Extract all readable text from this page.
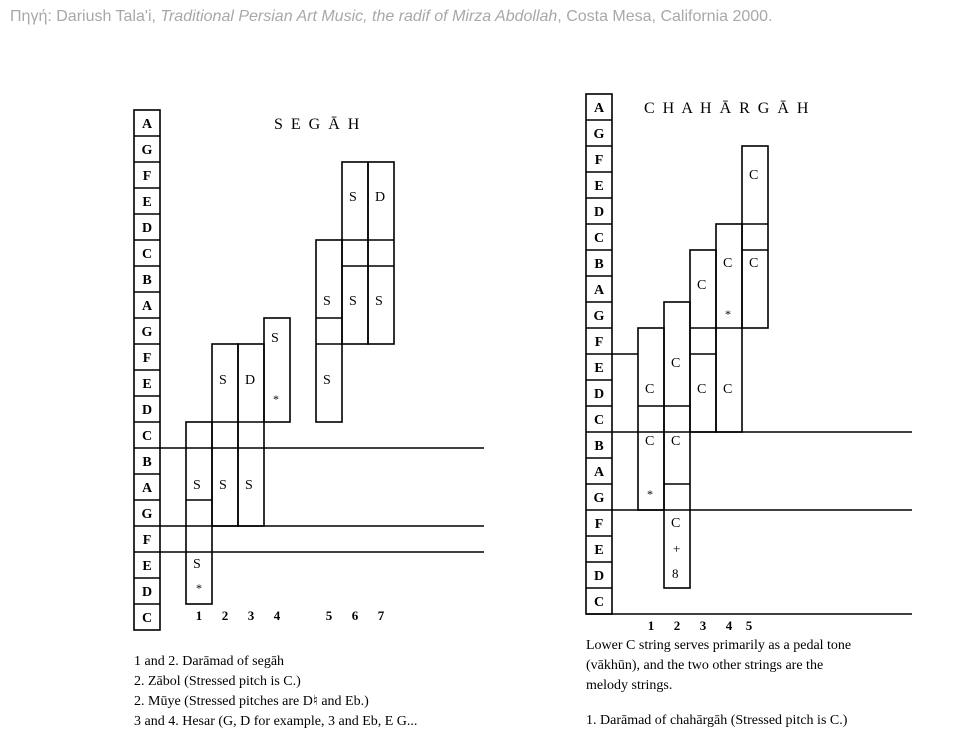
Πηγή: Dariush Tala'i, Traditional Persian Art Music, the radif of Mirza Abdollah, Costa Mesa, California 2000.
A
G
F
E
D
C
B
A
G
F
E
D
C
B
A
G
F
E
D
C
S E G Ā H
S
*
S S
S
S
D
S
*
S
S S
S
S
D
1 2 3 4	5 6 7
A
G
F
E
D
C
B
A
G
F
E
D
C
B
A
G
F
E
D
C
C H A H Ā R G Ā H
C
C
*
C
C
C
+
8
C
C
C
*
C
C
C
1 2 3 4 5
1 and 2. Darāmad of segāh
2. Zābol (Stressed pitch is C.)
2. Mūye (Stressed pitches are D♮ and Eb.)
3 and 4. Hesar (G, D for example, 3 and Eb, E G...
Lower C string serves primarily as a pedal tone
(vākhūn), and the two other strings are the
melody strings.
1. Darāmad of chahārgāh (Stressed pitch is C.)
